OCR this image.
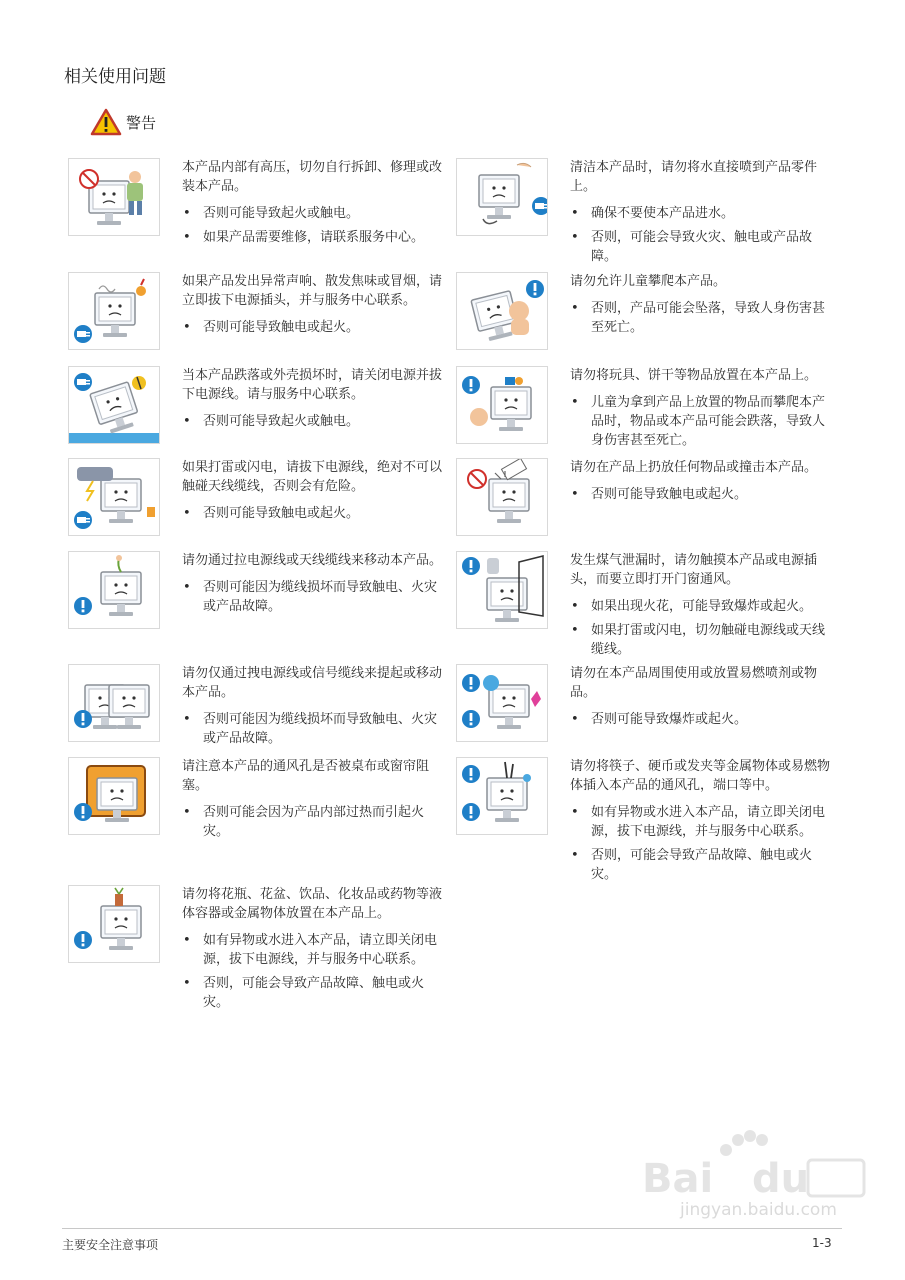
相关使用问题
警告

本产品内部有高压，切勿自行拆卸、修理或改装本产品。

• 否则可能导致起火或触电。
• 如果产品需要维修，请联系服务中心。

如果产品发出异常声响、散发焦味或冒烟，请立即拔下电源插头，并与服务中心联系。

• 否则可能导致触电或起火。

当本产品跌落或外壳损坏时，请关闭电源并拔下电源线。请与服务中心联系。

• 否则可能导致起火或触电。

如果打雷或闪电，请拔下电源线，绝对不可以触碰天线缆线，否则会有危险。

• 否则可能导致触电或起火。

请勿通过拉电源线或天线缆线来移动本产品。

• 否则可能因为缆线损坏而导致触电、火灾或产品故障。

请勿仅通过拽电源线或信号缆线来提起或移动本产品。

• 否则可能因为缆线损坏而导致触电、火灾或产品故障。

请注意本产品的通风孔是否被桌布或窗帘阻塞。

• 否则可能会因为产品内部过热而引起火灾。

请勿将花瓶、花盆、饮品、化妆品或药物等液体容器或金属物体放置在本产品上。

• 如有异物或水进入本产品，请立即关闭电源，拔下电源线，并与服务中心联系。
• 否则，可能会导致产品故障、触电或火灾。

清洁本产品时，请勿将水直接喷到产品零件上。

• 确保不要使本产品进水。
• 否则，可能会导致火灾、触电或产品故障。

请勿允许儿童攀爬本产品。

• 否则，产品可能会坠落，导致人身伤害甚至死亡。

请勿将玩具、饼干等物品放置在本产品上。

• 儿童为拿到产品上放置的物品而攀爬本产品时，物品或本产品可能会跌落，导致人身伤害甚至死亡。

请勿在产品上扔放任何物品或撞击本产品。

• 否则可能导致触电或起火。

发生煤气泄漏时，请勿触摸本产品或电源插头，而要立即打开门窗通风。

• 如果出现火花，可能导致爆炸或起火。
• 如果打雷或闪电，切勿触碰电源线或天线缆线。

请勿在本产品周围使用或放置易燃喷剂或物品。

• 否则可能导致爆炸或起火。

请勿将筷子、硬币或发夹等金属物体或易燃物体插入本产品的通风孔，端口等中。

• 如有异物或水进入本产品，请立即关闭电源，拔下电源线，并与服务中心联系。
• 否则，可能会导致产品故障、触电或火灾。
Bai du
jingyan.baidu.com
主要安全注意事项	1-3
